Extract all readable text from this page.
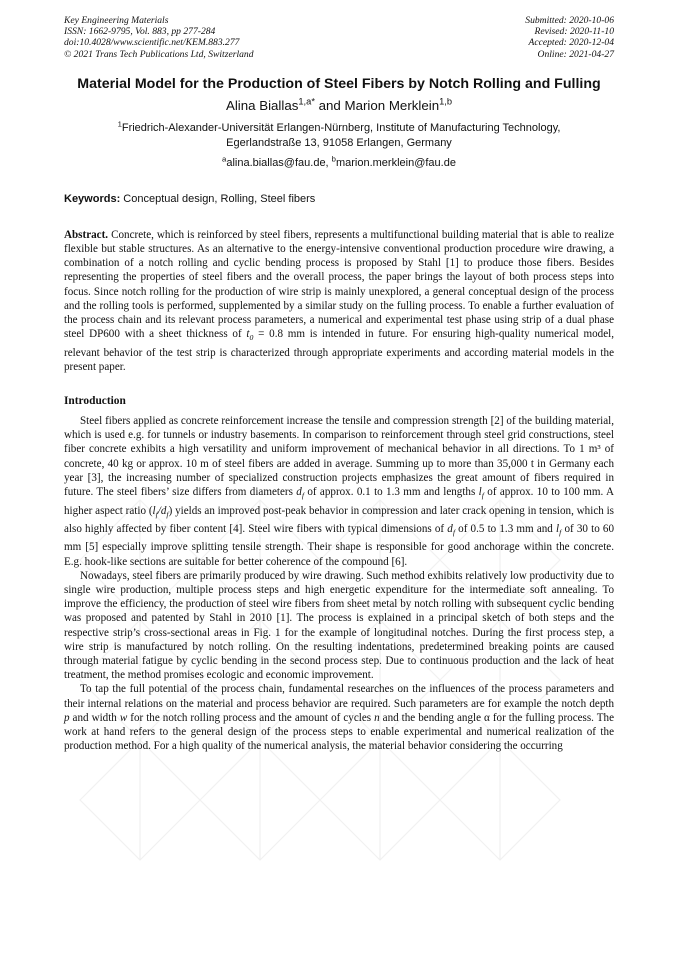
Key Engineering Materials
ISSN: 1662-9795, Vol. 883, pp 277-284
doi:10.4028/www.scientific.net/KEM.883.277
© 2021 Trans Tech Publications Ltd, Switzerland
Submitted: 2020-10-06
Revised: 2020-11-10
Accepted: 2020-12-04
Online: 2021-04-27
Material Model for the Production of Steel Fibers by Notch Rolling and Fulling
Alina Biallas$^{1,a*}$ and Marion Merklein$^{1,b}$
$^1$Friedrich-Alexander-Universität Erlangen-Nürnberg, Institute of Manufacturing Technology,
Egerlandstraße 13, 91058 Erlangen, Germany
$^a$alina.biallas@fau.de, $^b$marion.merklein@fau.de
Keywords: Conceptual design, Rolling, Steel fibers
Abstract. Concrete, which is reinforced by steel fibers, represents a multifunctional building material that is able to realize flexible but stable structures. As an alternative to the energy-intensive conventional production procedure wire drawing, a combination of a notch rolling and cyclic bending process is proposed by Stahl [1] to produce those fibers. Besides representing the properties of steel fibers and the overall process, the paper brings the layout of both process steps into focus. Since notch rolling for the production of wire strip is mainly unexplored, a general conceptual design of the process and the rolling tools is performed, supplemented by a similar study on the fulling process. To enable a further evaluation of the process chain and its relevant process parameters, a numerical and experimental test phase using strip of a dual phase steel DP600 with a sheet thickness of $t_0 = 0.8$ mm is intended in future. For ensuring high-quality numerical model, relevant behavior of the test strip is characterized through appropriate experiments and according material models in the present paper.
Introduction

Steel fibers applied as concrete reinforcement increase the tensile and compression strength [2] of the building material, which is used e.g. for tunnels or industry basements. In comparison to reinforcement through steel grid constructions, steel fiber concrete exhibits a high versatility and uniform improvement of mechanical behavior in all directions. To 1 m³ of concrete, 40 kg or approx. 10 m of steel fibers are added in average. Summing up to more than 35,000 t in Germany each year [3], the increasing number of specialized construction projects emphasizes the great amount of fibers required in future. The steel fibers’ size differs from diameters $d_f$ of approx. 0.1 to 1.3 mm and lengths $l_f$ of approx. 10 to 100 mm. A higher aspect ratio $(l_f/d_f)$ yields an improved post-peak behavior in compression and later crack opening in tension, which is also highly affected by fiber content [4]. Steel wire fibers with typical dimensions of $d_f$ of 0.5 to 1.3 mm and $l_f$ of 30 to 60 mm [5] especially improve splitting tensile strength. Their shape is responsible for good anchorage within the concrete. E.g. hook-like sections are suitable for better coherence of the compound [6].

Nowadays, steel fibers are primarily produced by wire drawing. Such method exhibits relatively low productivity due to single wire production, multiple process steps and high energetic expenditure for the intermediate soft annealing. To improve the efficiency, the production of steel wire fibers from sheet metal by notch rolling with subsequent cyclic bending was proposed and patented by Stahl in 2010 [1]. The process is explained in a principal sketch of both steps and the respective strip’s cross-sectional areas in Fig. 1 for the example of longitudinal notches. During the first process step, a wire strip is manufactured by notch rolling. On the resulting indentations, predetermined breaking points are caused through material fatigue by cyclic bending in the second process step. Due to continuous production and the lack of heat treatment, the method promises ecologic and economic improvement.

To tap the full potential of the process chain, fundamental researches on the influences of the process parameters and their internal relations on the material and process behavior are required. Such parameters are for example the notch depth p and width w for the notch rolling process and the amount of cycles n and the bending angle α for the fulling process. The work at hand refers to the general design of the process steps to enable experimental and numerical realization of the production method. For a high quality of the numerical analysis, the material behavior considering the occurring
